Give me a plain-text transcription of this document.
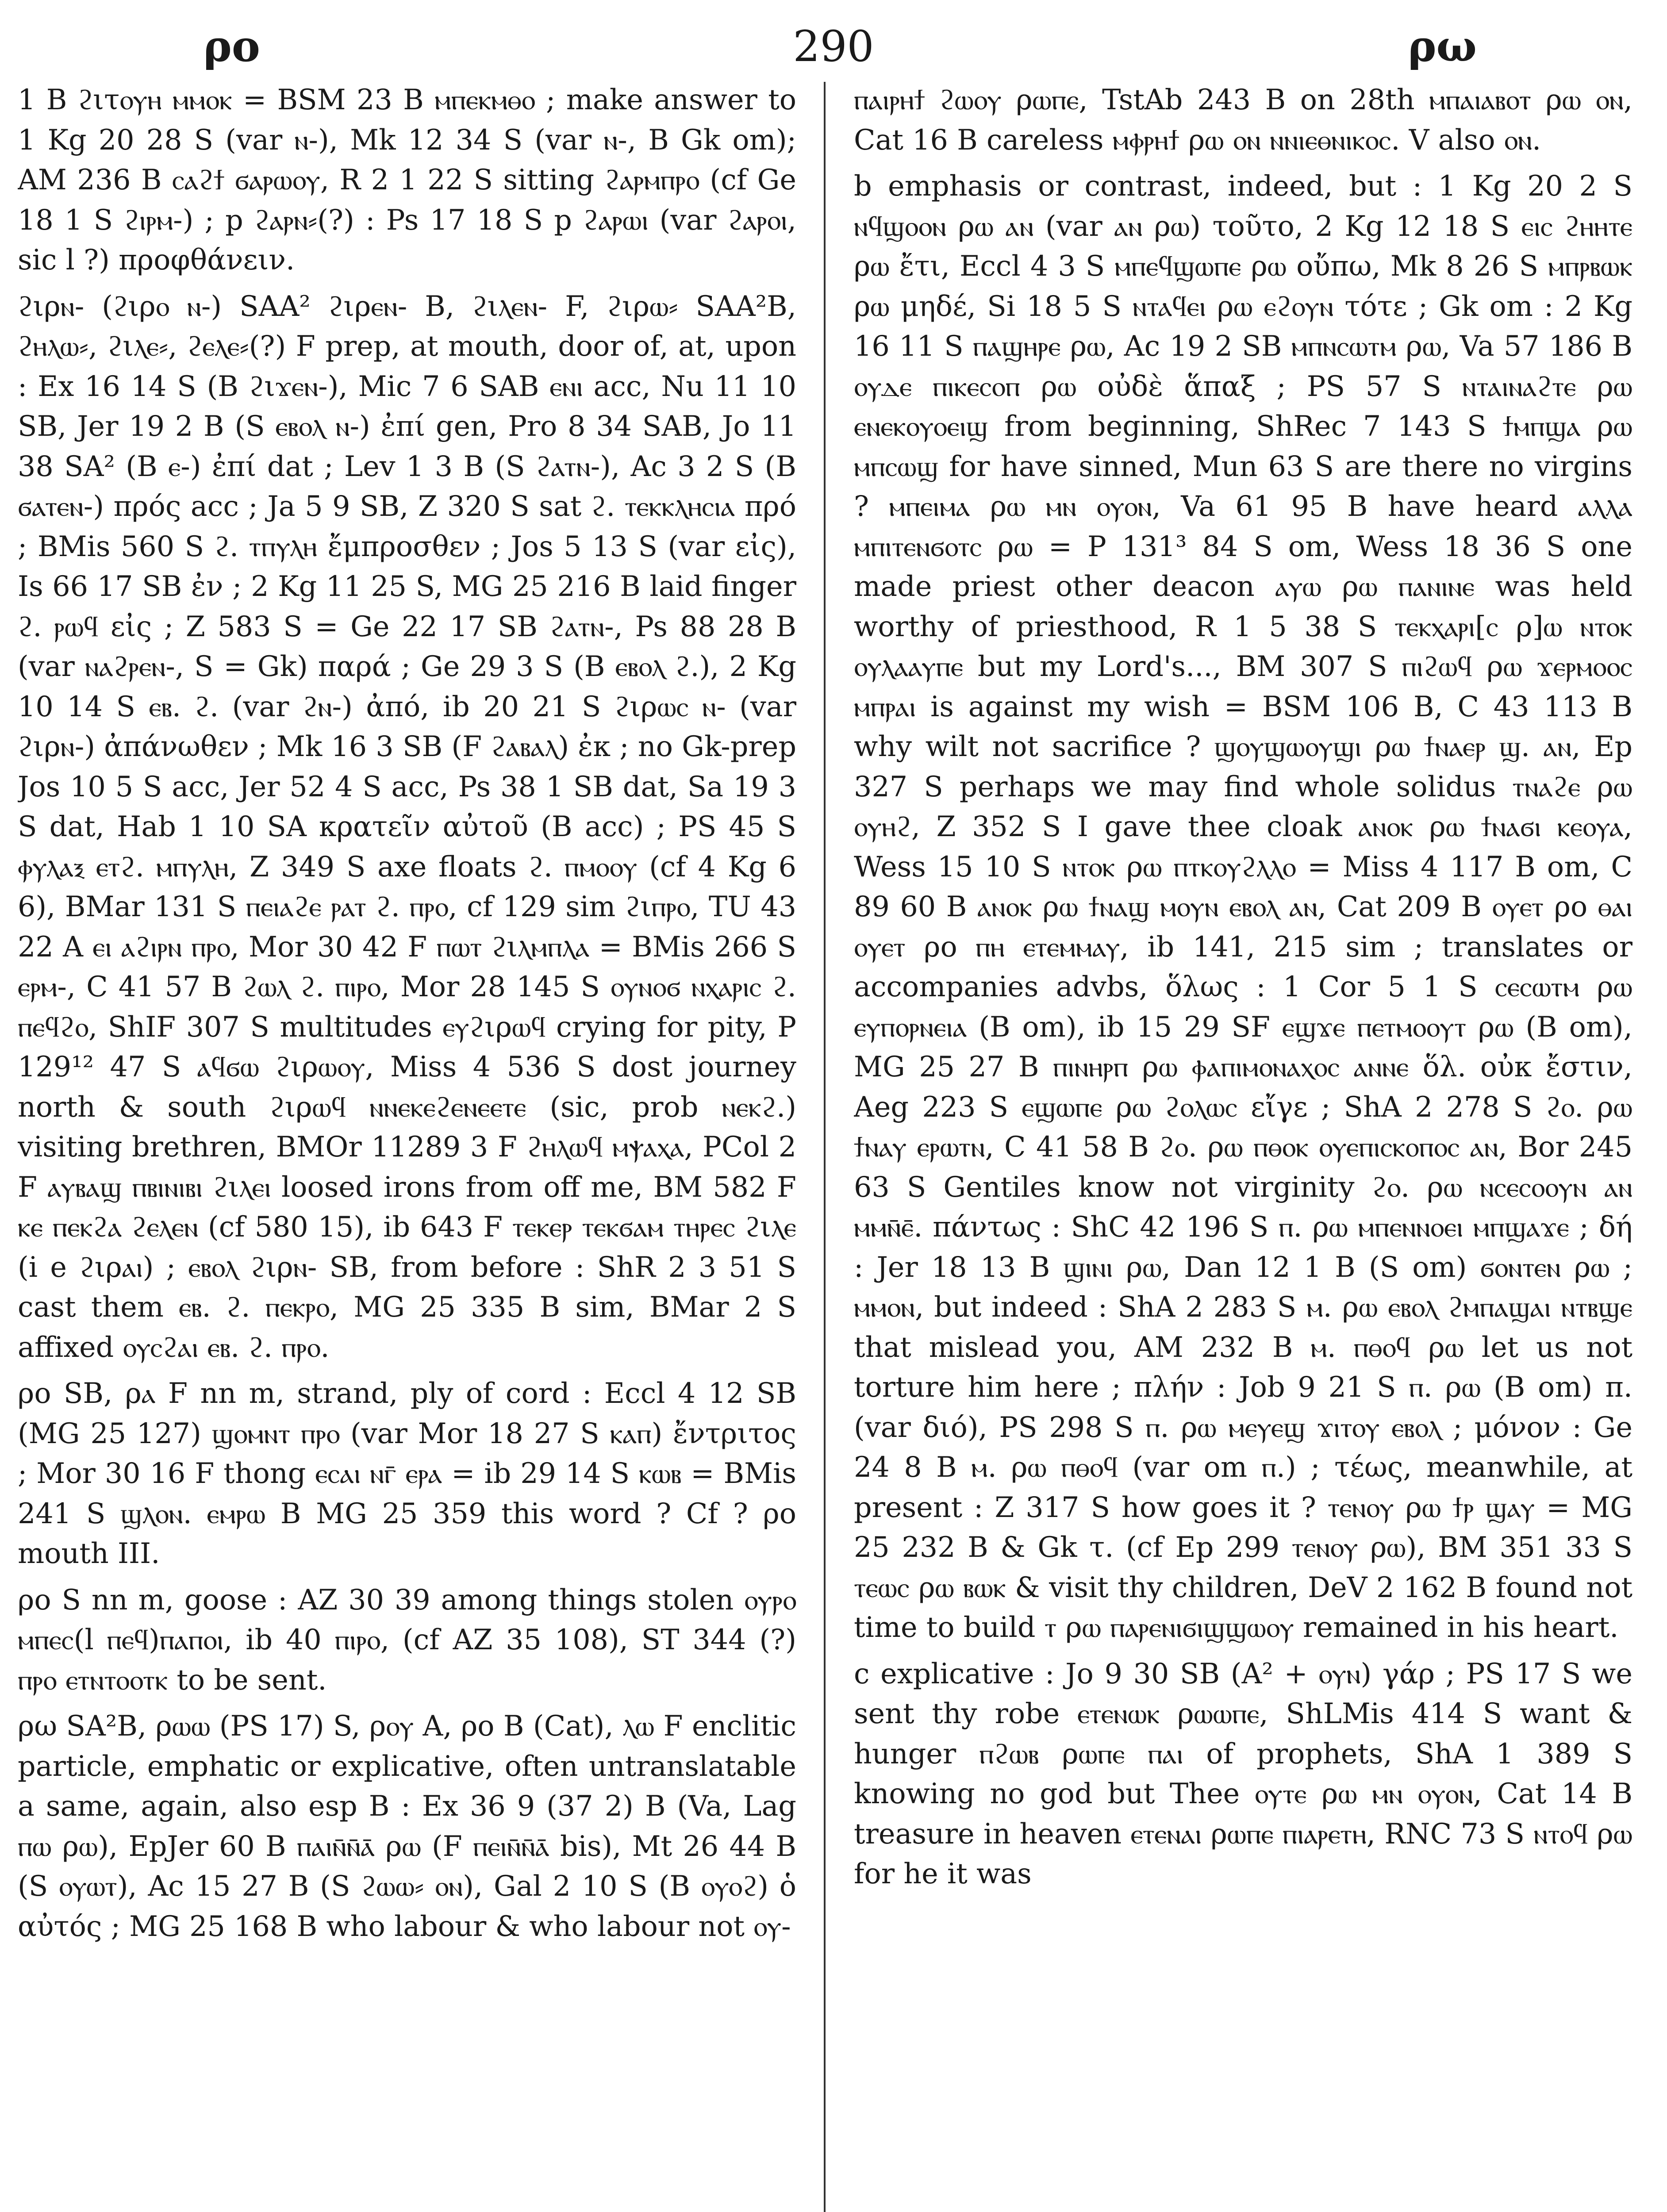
ρο	290	ρω

1 B ϩιτⲟⲩⲏ ⲙⲙⲟⲕ = BSM 23 B ⲙⲡⲉⲕⲙⲑⲟ ; make answer to 1 Kg 20 28 S (var ⲛ-), Mk 12 34 S (var ⲛ-, B Gk om); AM 236 B ⲥⲁϩϯ ϭⲁⲣⲱⲟⲩ, R 2 1 22 S sitting ϩⲁⲣⲙⲡⲣⲟ (cf Ge 18 1 S ϩⲓⲣⲙ-) ; p ϩⲁⲣⲛ⸗(?) : Ps 17 18 S p ϩⲁⲣⲱⲓ (var ϩⲁⲣⲟⲓ, sic l ?) προφθάνειν.

ϩιρⲛ- (ϩιρⲟ ⲛ-) SAA² ϩιρⲉⲛ- B, ϩιⲗⲉⲛ- F, ϩιρⲱ⸗ SAA²B, ϩⲏⲗⲱ⸗, ϩιⲗⲉ⸗, ϩⲉⲗⲉ⸗(?) F prep, at mouth, door of, at, upon : Ex 16 14 S (B ϩιϫⲉⲛ-), Mic 7 6 SAB ⲉⲛⲓ acc, Nu 11 10 SB, Jer 19 2 B (S ⲉⲃⲟⲗ ⲛ-) ἐπί gen, Pro 8 34 SAB, Jo 11 38 SA² (B ⲉ-) ἐπί dat ; Lev 1 3 B (S ϩⲁⲧⲛ-), Ac 3 2 S (B ϭⲁⲧⲉⲛ-) πρός acc ; Ja 5 9 SB, Z 320 S sat ϩ. ⲧⲉⲕⲕⲗⲏⲥⲓⲁ πρό ; BMis 560 S ϩ. ⲧⲡⲩⲗⲏ ἔμπροσθεν ; Jos 5 13 S (var εἰς), Is 66 17 SB ἐν ; 2 Kg 11 25 S, MG 25 216 B laid finger ϩ. ⲣⲱϥ εἰς ; Z 583 S = Ge 22 17 SB ϩⲁⲧⲛ-, Ps 88 28 B (var ⲛⲁϩⲣⲉⲛ-, S = Gk) παρά ; Ge 29 3 S (B ⲉⲃⲟⲗ ϩ.), 2 Kg 10 14 S ⲉⲃ. ϩ. (var ϩⲛ-) ἀπό, ib 20 21 S ϩιρⲱⲥ ⲛ- (var ϩιρⲛ-) ἀπάνωθεν ; Mk 16 3 SB (F ϩⲁⲃⲁⲗ) ἐκ ; no Gk-prep Jos 10 5 S acc, Jer 52 4 S acc, Ps 38 1 SB dat, Sa 19 3 S dat, Hab 1 10 SA κρατεῖν αὐτοῦ (B acc) ; PS 45 S ⲫⲩⲗⲁⲝ ⲉⲧϩ. ⲙⲡⲩⲗⲏ, Z 349 S axe floats ϩ. ⲡⲙⲟⲟⲩ (cf 4 Kg 6 6), BMar 131 S ⲡⲉⲓⲁϩⲉ ⲣⲁⲧ ϩ. ⲡⲣⲟ, cf 129 sim ϩιⲡⲣⲟ, TU 43 22 A ⲉⲓ ⲁϩⲓⲣⲛ ⲡⲣⲟ, Mor 30 42 F ⲡⲱⲧ ϩιⲗⲙⲡⲗⲁ = BMis 266 S ⲉⲣⲙ-, C 41 57 B ϩⲱⲗ ϩ. ⲡⲓⲣⲟ, Mor 28 145 S ⲟⲩⲛⲟϭ ⲛⲭⲁⲣⲓⲥ ϩ. ⲡⲉϥϩⲟ, ShIF 307 S multitudes ⲉⲩϩιρⲱϥ crying for pity, P 129¹² 47 S ⲁϥϭⲱ ϩιρⲱⲟⲩ, Miss 4 536 S dost journey north & south ϩιρⲱϥ ⲛⲛⲉⲕⲉϩⲉⲛⲉⲉⲧⲉ (sic, prob ⲛⲉⲕϩ.) visiting brethren, BMOr 11289 3 F ϩⲏⲗⲱϥ ⲙⲯⲁⲭⲁ, PCol 2 F ⲁⲩⲃⲁϣ ⲡⲃⲓⲛⲓⲃⲓ ϩιⲗⲉⲓ loosed irons from off me, BM 582 F ⲕⲉ ⲡⲉⲕϩⲁ ϩⲉⲗⲉⲛ (cf 580 15), ib 643 F ⲧⲉⲕⲉⲣ ⲧⲉⲕϭⲁⲙ ⲧⲏⲣⲉⲥ ϩιⲗⲉ (i e ϩιρⲁⲓ) ; ⲉⲃⲟⲗ ϩιρⲛ- SB, from before : ShR 2 3 51 S cast them ⲉⲃ. ϩ. ⲡⲉⲕⲣⲟ, MG 25 335 B sim, BMar 2 S affixed ⲟⲩⲥϩⲁⲓ ⲉⲃ. ϩ. ⲡⲣⲟ.

ρο SB, ρⲁ F nn m, strand, ply of cord : Eccl 4 12 SB (MG 25 127) ϣⲟⲙⲛⲧ ⲡⲣⲟ (var Mor 18 27 S ⲕⲁⲡ) ἔντριτος ; Mor 30 16 F thong ⲉⲥⲁⲓ ⲛⲅ̄ ⲉⲣⲁ = ib 29 14 S ⲕⲱⲃ = BMis 241 S ϣⲗⲟⲛ. ⲉⲙⲣⲱ B MG 25 359 this word ? Cf ? ρο mouth III.

ρο S nn m, goose : AZ 30 39 among things stolen ⲟⲩⲣⲟ ⲙⲡⲉⲥ(l ⲡⲉϥ)ⲡⲁⲡⲟⲓ, ib 40 ⲡⲓⲣⲟ, (cf AZ 35 108), ST 344 (?) ⲡⲣⲟ ⲉⲧⲛⲧⲟⲟⲧⲕ to be sent.

ρω SA²B, ρⲱⲱ (PS 17) S, ρⲟⲩ A, ρο B (Cat), ⲗⲱ F enclitic particle, emphatic or explicative, often untranslatable a same, again, also esp B : Ex 36 9 (37 2) B (Va, Lag ⲡⲱ ρⲱ), EpJer 60 B ⲡⲁⲓⲛ̄ⲛ̄ⲁ̄ ρⲱ (F ⲡⲉⲓⲛ̄ⲛ̄ⲁ̄ bis), Mt 26 44 B (S ⲟⲩⲱⲧ), Ac 15 27 B (S ϩⲱⲱ⸗ ⲟⲛ), Gal 2 10 S (B ⲟⲩⲟϩ) ὁ αὐτός ; MG 25 168 B who labour & who labour not ⲟⲩ-

ⲡⲁⲓⲣⲏϯ ϩⲱⲟⲩ ρⲱⲡⲉ, TstAb 243 B on 28th ⲙⲡⲁⲓⲁⲃⲟⲧ ρⲱ ⲟⲛ, Cat 16 B careless ⲙⲫⲣⲏϯ ρⲱ ⲟⲛ ⲛⲛⲓⲉⲑⲛⲓⲕⲟⲥ. V also ⲟⲛ.

b emphasis or contrast, indeed, but : 1 Kg 20 2 S ⲛϥϣⲟⲟⲛ ρⲱ ⲁⲛ (var ⲁⲛ ρⲱ) τοῦτο, 2 Kg 12 18 S ⲉⲓⲥ ϩⲏⲏⲧⲉ ρⲱ ἔτι, Eccl 4 3 S ⲙⲡⲉϥϣⲱⲡⲉ ρⲱ οὔπω, Mk 8 26 S ⲙⲡⲣⲃⲱⲕ ρⲱ μηδέ, Si 18 5 S ⲛⲧⲁϥⲉⲓ ρⲱ ⲉϩⲟⲩⲛ τότε ; Gk om : 2 Kg 16 11 S ⲡⲁϣⲏⲣⲉ ρⲱ, Ac 19 2 SB ⲙⲡⲛⲥⲱⲧⲙ ρⲱ, Va 57 186 B ⲟⲩⲇⲉ ⲡⲓⲕⲉⲥⲟⲡ ρⲱ οὐδὲ ἅπαξ ; PS 57 S ⲛⲧⲁⲓⲛⲁϩⲧⲉ ρⲱ ⲉⲛⲉⲕⲟⲩⲟⲉⲓϣ from beginning, ShRec 7 143 S ϯⲙⲡϣⲁ ρⲱ ⲙⲡⲥⲱϣ for have sinned, Mun 63 S are there no virgins ? ⲙⲡⲉⲓⲙⲁ ρⲱ ⲙⲛ ⲟⲩⲟⲛ, Va 61 95 B have heard ⲁⲗⲗⲁ ⲙⲡⲓⲧⲉⲛϭⲟⲧⲥ ρⲱ = P 131³ 84 S om, Wess 18 36 S one made priest other deacon ⲁⲩⲱ ρⲱ ⲡⲁⲛⲓⲛⲉ was held worthy of priesthood, R 1 5 38 S ⲧⲉⲕⲭⲁⲣⲓ[ⲥ ρ]ⲱ ⲛⲧⲟⲕ ⲟⲩⲗⲁⲁⲩⲡⲉ but my Lord's..., BM 307 S ⲡⲓϩⲱϥ ρⲱ ϫⲉⲣⲙⲟⲟⲥ ⲙⲡⲣⲁⲓ is against my wish = BSM 106 B, C 43 113 B why wilt not sacrifice ? ϣⲟⲩϣⲱⲟⲩϣⲓ ρⲱ ϯⲛⲁⲉⲣ ϣ. ⲁⲛ, Ep 327 S perhaps we may find whole solidus ⲧⲛⲁϩⲉ ρⲱ ⲟⲩⲏϩ, Z 352 S I gave thee cloak ⲁⲛⲟⲕ ρⲱ ϯⲛⲁϭⲓ ⲕⲉⲟⲩⲁ, Wess 15 10 S ⲛⲧⲟⲕ ρⲱ ⲡⲧⲕⲟⲩϩⲗⲗⲟ = Miss 4 117 B om, C 89 60 B ⲁⲛⲟⲕ ρⲱ ϯⲛⲁϣ ⲙⲟⲩⲛ ⲉⲃⲟⲗ ⲁⲛ, Cat 209 B ⲟⲩⲉⲧ ρο ⲑⲁⲓ ⲟⲩⲉⲧ ρο ⲡⲏ ⲉⲧⲉⲙⲙⲁⲩ, ib 141, 215 sim ; translates or accompanies advbs, ὅλως : 1 Cor 5 1 S ⲥⲉⲥⲱⲧⲙ ρⲱ ⲉⲩⲡⲟⲣⲛⲉⲓⲁ (B om), ib 15 29 SF ⲉϣϫⲉ ⲡⲉⲧⲙⲟⲟⲩⲧ ρⲱ (B om), MG 25 27 B ⲡⲓⲛⲏⲣⲡ ρⲱ ⲫⲁⲡⲓⲙⲟⲛⲁⲭⲟⲥ ⲁⲛⲛⲉ ὅλ. οὐκ ἔστιν, Aeg 223 S ⲉϣⲱⲡⲉ ρⲱ ϩⲟⲗⲱⲥ εἴγε ; ShA 2 278 S ϩⲟ. ρⲱ ϯⲛⲁⲩ ⲉⲣⲱⲧⲛ, C 41 58 B ϩⲟ. ρⲱ ⲡⲑⲟⲕ ⲟⲩⲉⲡⲓⲥⲕⲟⲡⲟⲥ ⲁⲛ, Bor 245 63 S Gentiles know not virginity ϩⲟ. ρⲱ ⲛⲥⲉⲥⲟⲟⲩⲛ ⲁⲛ ⲙⲙⲛ̄ⲉ̄. πάντως : ShC 42 196 S ⲡ. ρⲱ ⲙⲡⲉⲛⲛⲟⲉⲓ ⲙⲡϣⲁϫⲉ ; δή : Jer 18 13 B ϣⲓⲛⲓ ρⲱ, Dan 12 1 B (S om) ϭⲟⲛⲧⲉⲛ ρⲱ ; ⲙⲙⲟⲛ, but indeed : ShA 2 283 S ⲙ. ρⲱ ⲉⲃⲟⲗ ϩⲙⲡⲁϣⲁⲓ ⲛⲧⲃϣⲉ that mislead you, AM 232 B ⲙ. ⲡⲑⲟϥ ρⲱ let us not torture him here ; πλήν : Job 9 21 S ⲡ. ρⲱ (B om) π. (var διό), PS 298 S ⲡ. ρⲱ ⲙⲉⲩⲉϣ ϫⲓⲧⲟⲩ ⲉⲃⲟⲗ ; μόνον : Ge 24 8 B ⲙ. ρⲱ ⲡⲑⲟϥ (var om ⲡ.) ; τέως, meanwhile, at present : Z 317 S how goes it ? ⲧⲉⲛⲟⲩ ρⲱ ϯⲣ ϣⲁⲩ = MG 25 232 B & Gk τ. (cf Ep 299 ⲧⲉⲛⲟⲩ ρⲱ), BM 351 33 S ⲧⲉⲱⲥ ρⲱ ⲃⲱⲕ & visit thy children, DeV 2 162 B found not time to build ⲧ ρⲱ ⲡⲁⲣⲉⲛⲓϭⲓϣϣⲱⲟⲩ remained in his heart.

c explicative : Jo 9 30 SB (A² + ⲟⲩⲛ) γάρ ; PS 17 S we sent thy robe ⲉⲧⲉⲛⲱⲕ ρⲱⲱⲡⲉ, ShLMis 414 S want & hunger ⲡϩⲱⲃ ρⲱⲡⲉ ⲡⲁⲓ of prophets, ShA 1 389 S knowing no god but Thee ⲟⲩⲧⲉ ρⲱ ⲙⲛ ⲟⲩⲟⲛ, Cat 14 B treasure in heaven ⲉⲧⲉⲛⲁⲓ ρⲱⲡⲉ ⲡⲓⲁⲣⲉⲧⲏ, RNC 73 S ⲛⲧⲟϥ ρⲱ for he it was
